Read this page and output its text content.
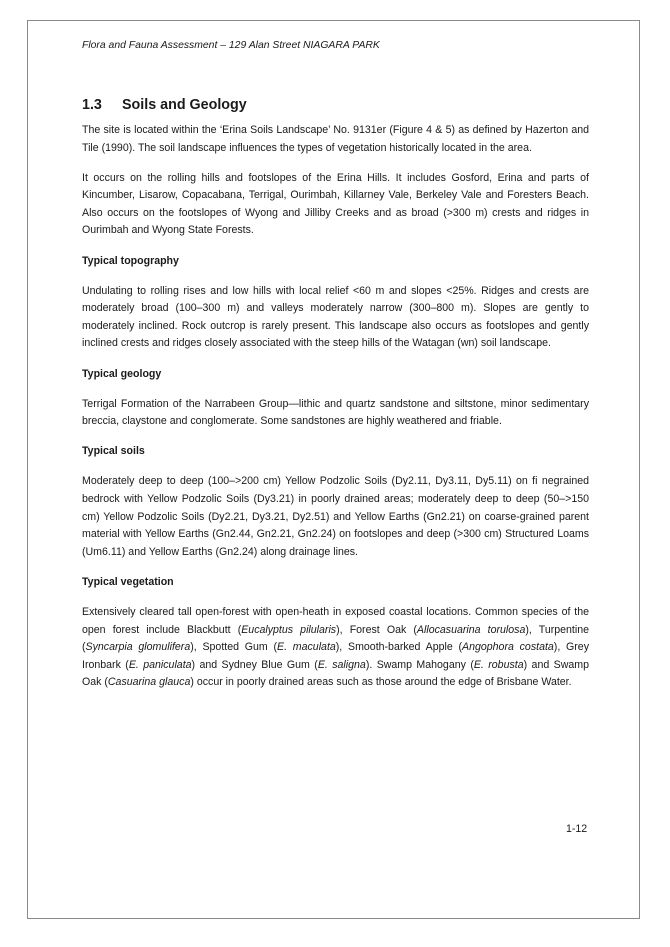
Flora and Fauna Assessment – 129 Alan Street NIAGARA PARK
1.3 Soils and Geology

The site is located within the ‘Erina Soils Landscape’ No. 9131er (Figure 4 & 5) as defined by Hazerton and Tile (1990). The soil landscape influences the types of vegetation historically located in the area.

It occurs on the rolling hills and footslopes of the Erina Hills. It includes Gosford, Erina and parts of Kincumber, Lisarow, Copacabana, Terrigal, Ourimbah, Killarney Vale, Berkeley Vale and Foresters Beach. Also occurs on the footslopes of Wyong and Jilliby Creeks and as broad (>300 m) crests and ridges in Ourimbah and Wyong State Forests.

Typical topography

Undulating to rolling rises and low hills with local relief <60 m and slopes <25%. Ridges and crests are moderately broad (100–300 m) and valleys moderately narrow (300–800 m). Slopes are gently to moderately inclined. Rock outcrop is rarely present. This landscape also occurs as footslopes and gently inclined crests and ridges closely associated with the steep hills of the Watagan (wn) soil landscape.

Typical geology

Terrigal Formation of the Narrabeen Group—lithic and quartz sandstone and siltstone, minor sedimentary breccia, claystone and conglomerate. Some sandstones are highly weathered and friable.

Typical soils

Moderately deep to deep (100–>200 cm) Yellow Podzolic Soils (Dy2.11, Dy3.11, Dy5.11) on fi negrained bedrock with Yellow Podzolic Soils (Dy3.21) in poorly drained areas; moderately deep to deep (50–>150 cm) Yellow Podzolic Soils (Dy2.21, Dy3.21, Dy2.51) and Yellow Earths (Gn2.21) on coarse-grained parent material with Yellow Earths (Gn2.44, Gn2.21, Gn2.24) on footslopes and deep (>300 cm) Structured Loams (Um6.11) and Yellow Earths (Gn2.24) along drainage lines.

Typical vegetation

Extensively cleared tall open-forest with open-heath in exposed coastal locations. Common species of the open forest include Blackbutt (Eucalyptus pilularis), Forest Oak (Allocasuarina torulosa), Turpentine (Syncarpia glomulifera), Spotted Gum (E. maculata), Smooth-barked Apple (Angophora costata), Grey Ironbark (E. paniculata) and Sydney Blue Gum (E. saligna). Swamp Mahogany (E. robusta) and Swamp Oak (Casuarina glauca) occur in poorly drained areas such as those around the edge of Brisbane Water.

1-12
